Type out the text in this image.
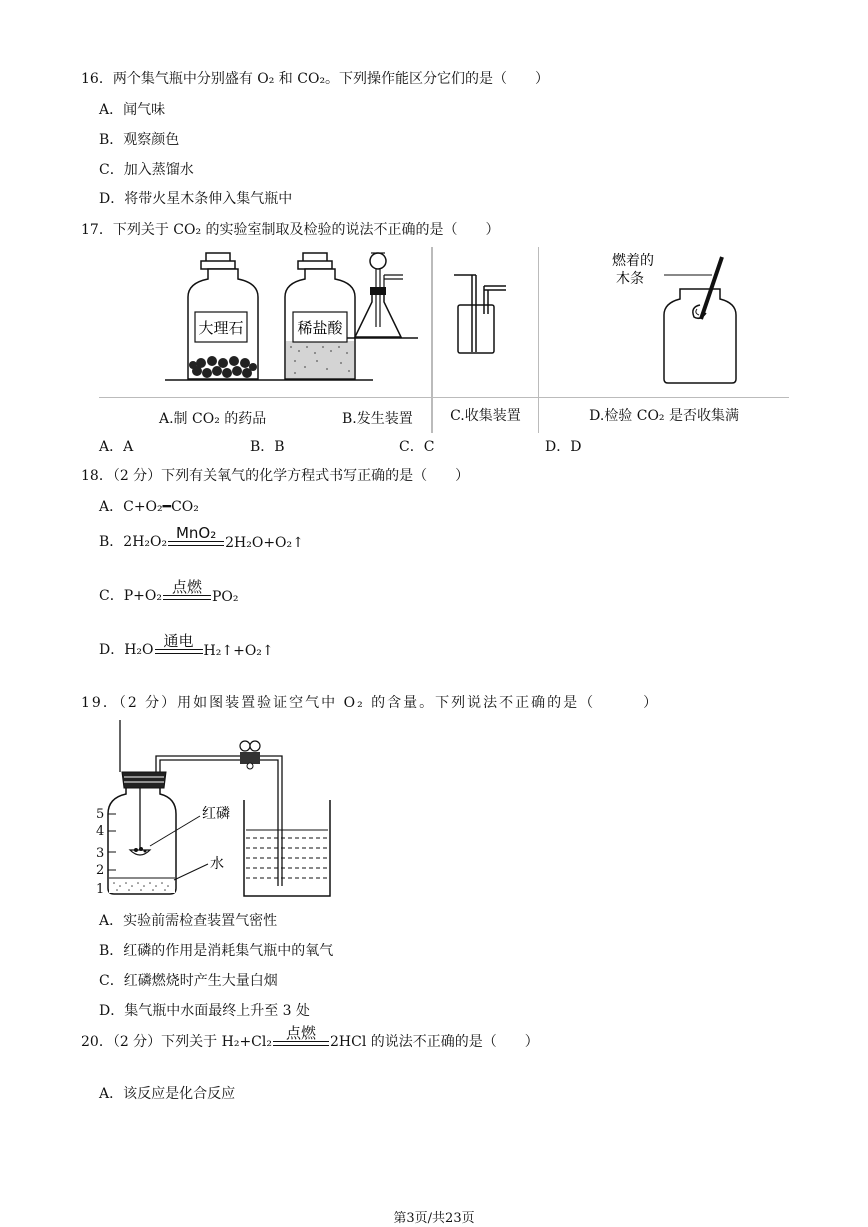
16．两个集气瓶中分别盛有 O₂ 和 CO₂。下列操作能区分它们的是（　　）
A．闻气味
B．观察颜色
C．加入蒸馏水
D．将带火星木条伸入集气瓶中
17．下列关于 CO₂ 的实验室制取及检验的说法不正确的是（　　）
大理石 稀盐酸			燃着的
木条

A.制 CO₂ 的药品 B.发生装置		C.收集装置	D.检验 CO₂ 是否收集满
A．A	B．B	C．C	D．D
18．（2 分）下列有关氧气的化学方程式书写正确的是（　　）
A．C+O₂━CO₂
B．2H₂O₂ MnO₂
2H₂O+O₂↑
C．P+O₂ 点燃
PO₂
D．H₂O 通电
H₂↑+O₂↑
19．（2 分）用如图装置验证空气中 O₂ 的含量。下列说法不正确的是（　　　）
5
4
3
2
1
红磷
水
A．实验前需检查装置气密性
B．红磷的作用是消耗集气瓶中的氧气
C．红磷燃烧时产生大量白烟
D．集气瓶中水面最终上升至 3 处
20．（2 分）下列关于 H₂+Cl₂ 点燃 2HCl 的说法不正确的是（　　）
A．该反应是化合反应
第3页/共23页
